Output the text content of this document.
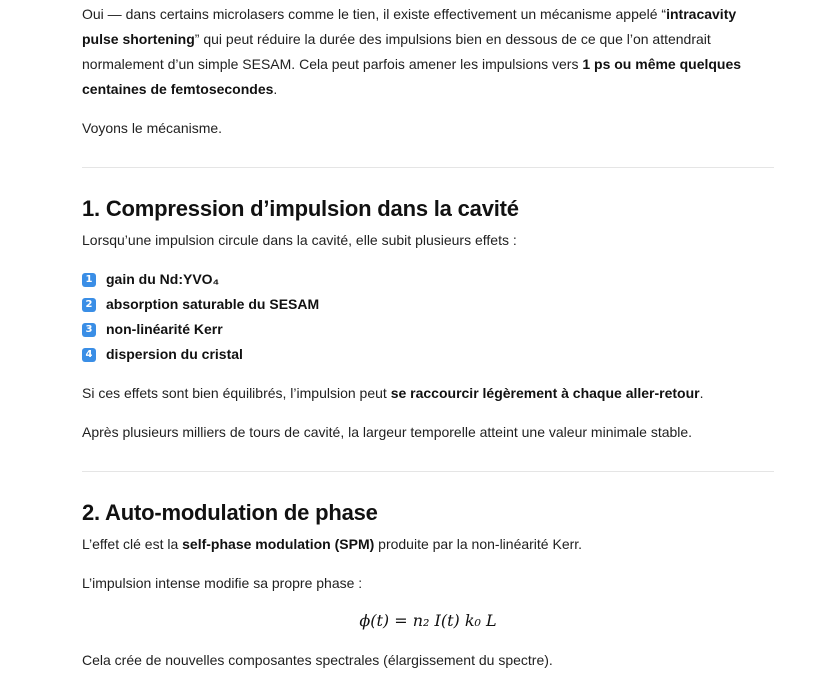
Oui — dans certains microlasers comme le tien, il existe effectivement un mécanisme appelé “intracavity pulse shortening” qui peut réduire la durée des impulsions bien en dessous de ce que l’on attendrait normalement d’un simple SESAM. Cela peut parfois amener les impulsions vers 1 ps ou même quelques centaines de femtosecondes.

Voyons le mécanisme.

1. Compression d’impulsion dans la cavité

Lorsqu’une impulsion circule dans la cavité, elle subit plusieurs effets :

1 gain du Nd:YVO₄
2 absorption saturable du SESAM
3 non-linéarité Kerr
4 dispersion du cristal

Si ces effets sont bien équilibrés, l’impulsion peut se raccourcir légèrement à chaque aller-retour.

Après plusieurs milliers de tours de cavité, la largeur temporelle atteint une valeur minimale stable.

2. Auto-modulation de phase

L’effet clé est la self-phase modulation (SPM) produite par la non-linéarité Kerr.

L’impulsion intense modifie sa propre phase :

ϕ(t) = n₂ I(t) k₀ L

Cela crée de nouvelles composantes spectrales (élargissement du spectre).
